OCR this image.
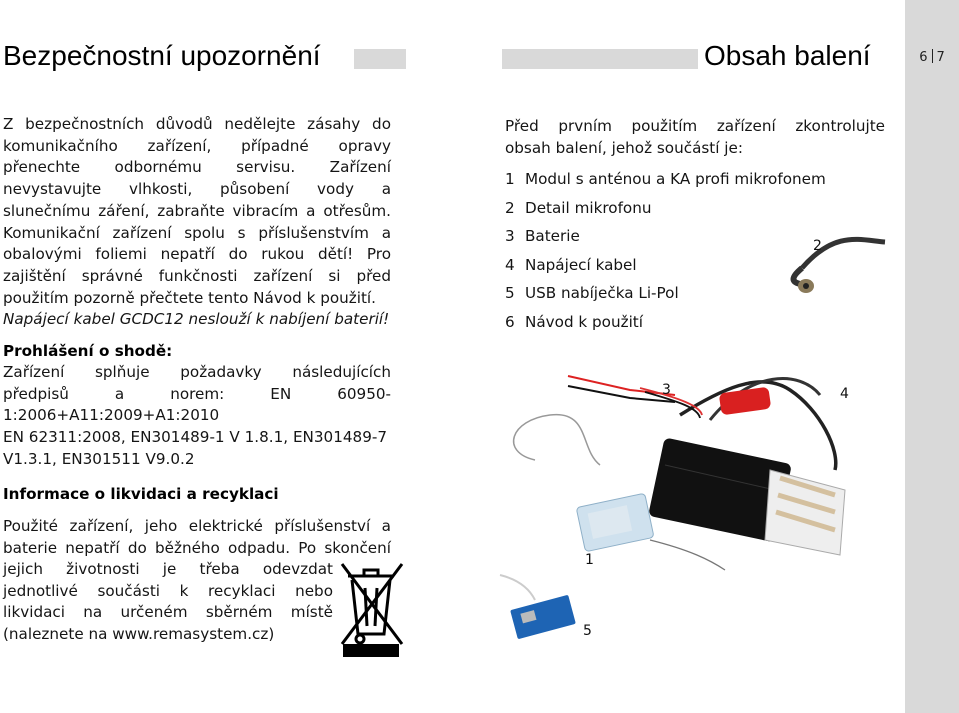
Bezpečnostní upozornění	Obsah balení	6 7
Z bezpečnostních důvodů nedělejte zásahy do
komunikačního zařízení, případné opravy
přenechte odbornému servisu. Zařízení
nevystavujte vlhkosti, působení vody a
slunečnímu záření, zabraňte vibracím a otřesům.
Komunikační zařízení spolu s příslušenstvím a
obalovými foliemi nepatří do rukou dětí! Pro
zajištění správné funkčnosti zařízení si před
použitím pozorně přečtete tento Návod k použití.
Napájecí kabel GCDC12 neslouží k nabíjení baterií!
Prohlášení o shodě:
Zařízení splňuje požadavky následujících
předpisů a norem: EN 60950-
1:2006+A11:2009+A1:2010
EN 62311:2008, EN301489-1 V 1.8.1, EN301489-7
V1.3.1, EN301511 V9.0.2
Informace o likvidaci a recyklaci
Použité zařízení, jeho elektrické příslušenství a
baterie nepatří do běžného odpadu. Po skončení
jejich životnosti je třeba odevzdat
jednotlivé součásti k recyklaci nebo
likvidaci na určeném sběrném místě
(naleznete na www.remasystem.cz)
Před prvním použitím zařízení zkontrolujte
obsah balení, jehož součástí je:
1 Modul s anténou a KA profi mikrofonem
2 Detail mikrofonu
3 Baterie
4 Napájecí kabel
5 USB nabíječka Li-Pol
6 Návod k použití
2
3	4
1
5
